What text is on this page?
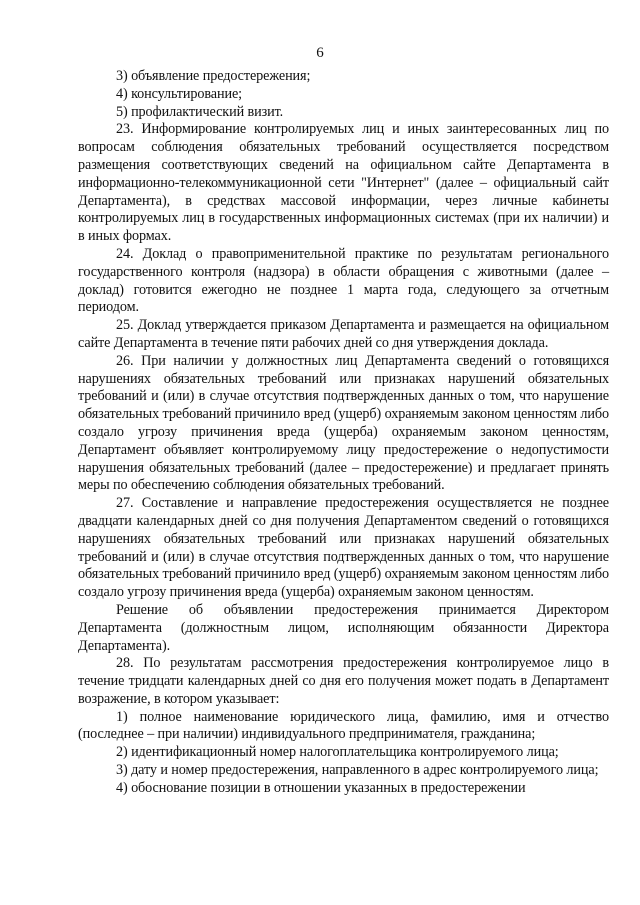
6

3) объявление предостережения;

4) консультирование;

5) профилактический визит.

23. Информирование контролируемых лиц и иных заинтересованных лиц по вопросам соблюдения обязательных требований осуществляется посредством размещения соответствующих сведений на официальном сайте Департамента в информационно-телекоммуникационной сети "Интернет" (далее – официальный сайт Департамента), в средствах массовой информации, через личные кабинеты контролируемых лиц в государственных информационных системах (при их наличии) и в иных формах.

24. Доклад о правоприменительной практике по результатам регионального государственного контроля (надзора) в области обращения с животными (далее – доклад) готовится ежегодно не позднее 1 марта года, следующего за отчетным периодом.

25. Доклад утверждается приказом Департамента и размещается на официальном сайте Департамента в течение пяти рабочих дней со дня утверждения доклада.

26. При наличии у должностных лиц Департамента сведений о готовящихся нарушениях обязательных требований или признаках нарушений обязательных требований и (или) в случае отсутствия подтвержденных данных о том, что нарушение обязательных требований причинило вред (ущерб) охраняемым законом ценностям либо создало угрозу причинения вреда (ущерба) охраняемым законом ценностям, Департамент объявляет контролируемому лицу предостережение о недопустимости нарушения обязательных требований (далее – предостережение) и предлагает принять меры по обеспечению соблюдения обязательных требований.

27. Составление и направление предостережения осуществляется не позднее двадцати календарных дней со дня получения Департаментом сведений о готовящихся нарушениях обязательных требований или признаках нарушений обязательных требований и (или) в случае отсутствия подтвержденных данных о том, что нарушение обязательных требований причинило вред (ущерб) охраняемым законом ценностям либо создало угрозу причинения вреда (ущерба) охраняемым законом ценностям.

Решение об объявлении предостережения принимается Директором Департамента (должностным лицом, исполняющим обязанности Директора Департамента).

28. По результатам рассмотрения предостережения контролируемое лицо в течение тридцати календарных дней со дня его получения может подать в Департамент возражение, в котором указывает:

1) полное наименование юридического лица, фамилию, имя и отчество (последнее – при наличии) индивидуального предпринимателя, гражданина;

2) идентификационный номер налогоплательщика контролируемого лица;

3) дату и номер предостережения, направленного в адрес контролируемого лица;

4) обоснование позиции в отношении указанных в предостережении
